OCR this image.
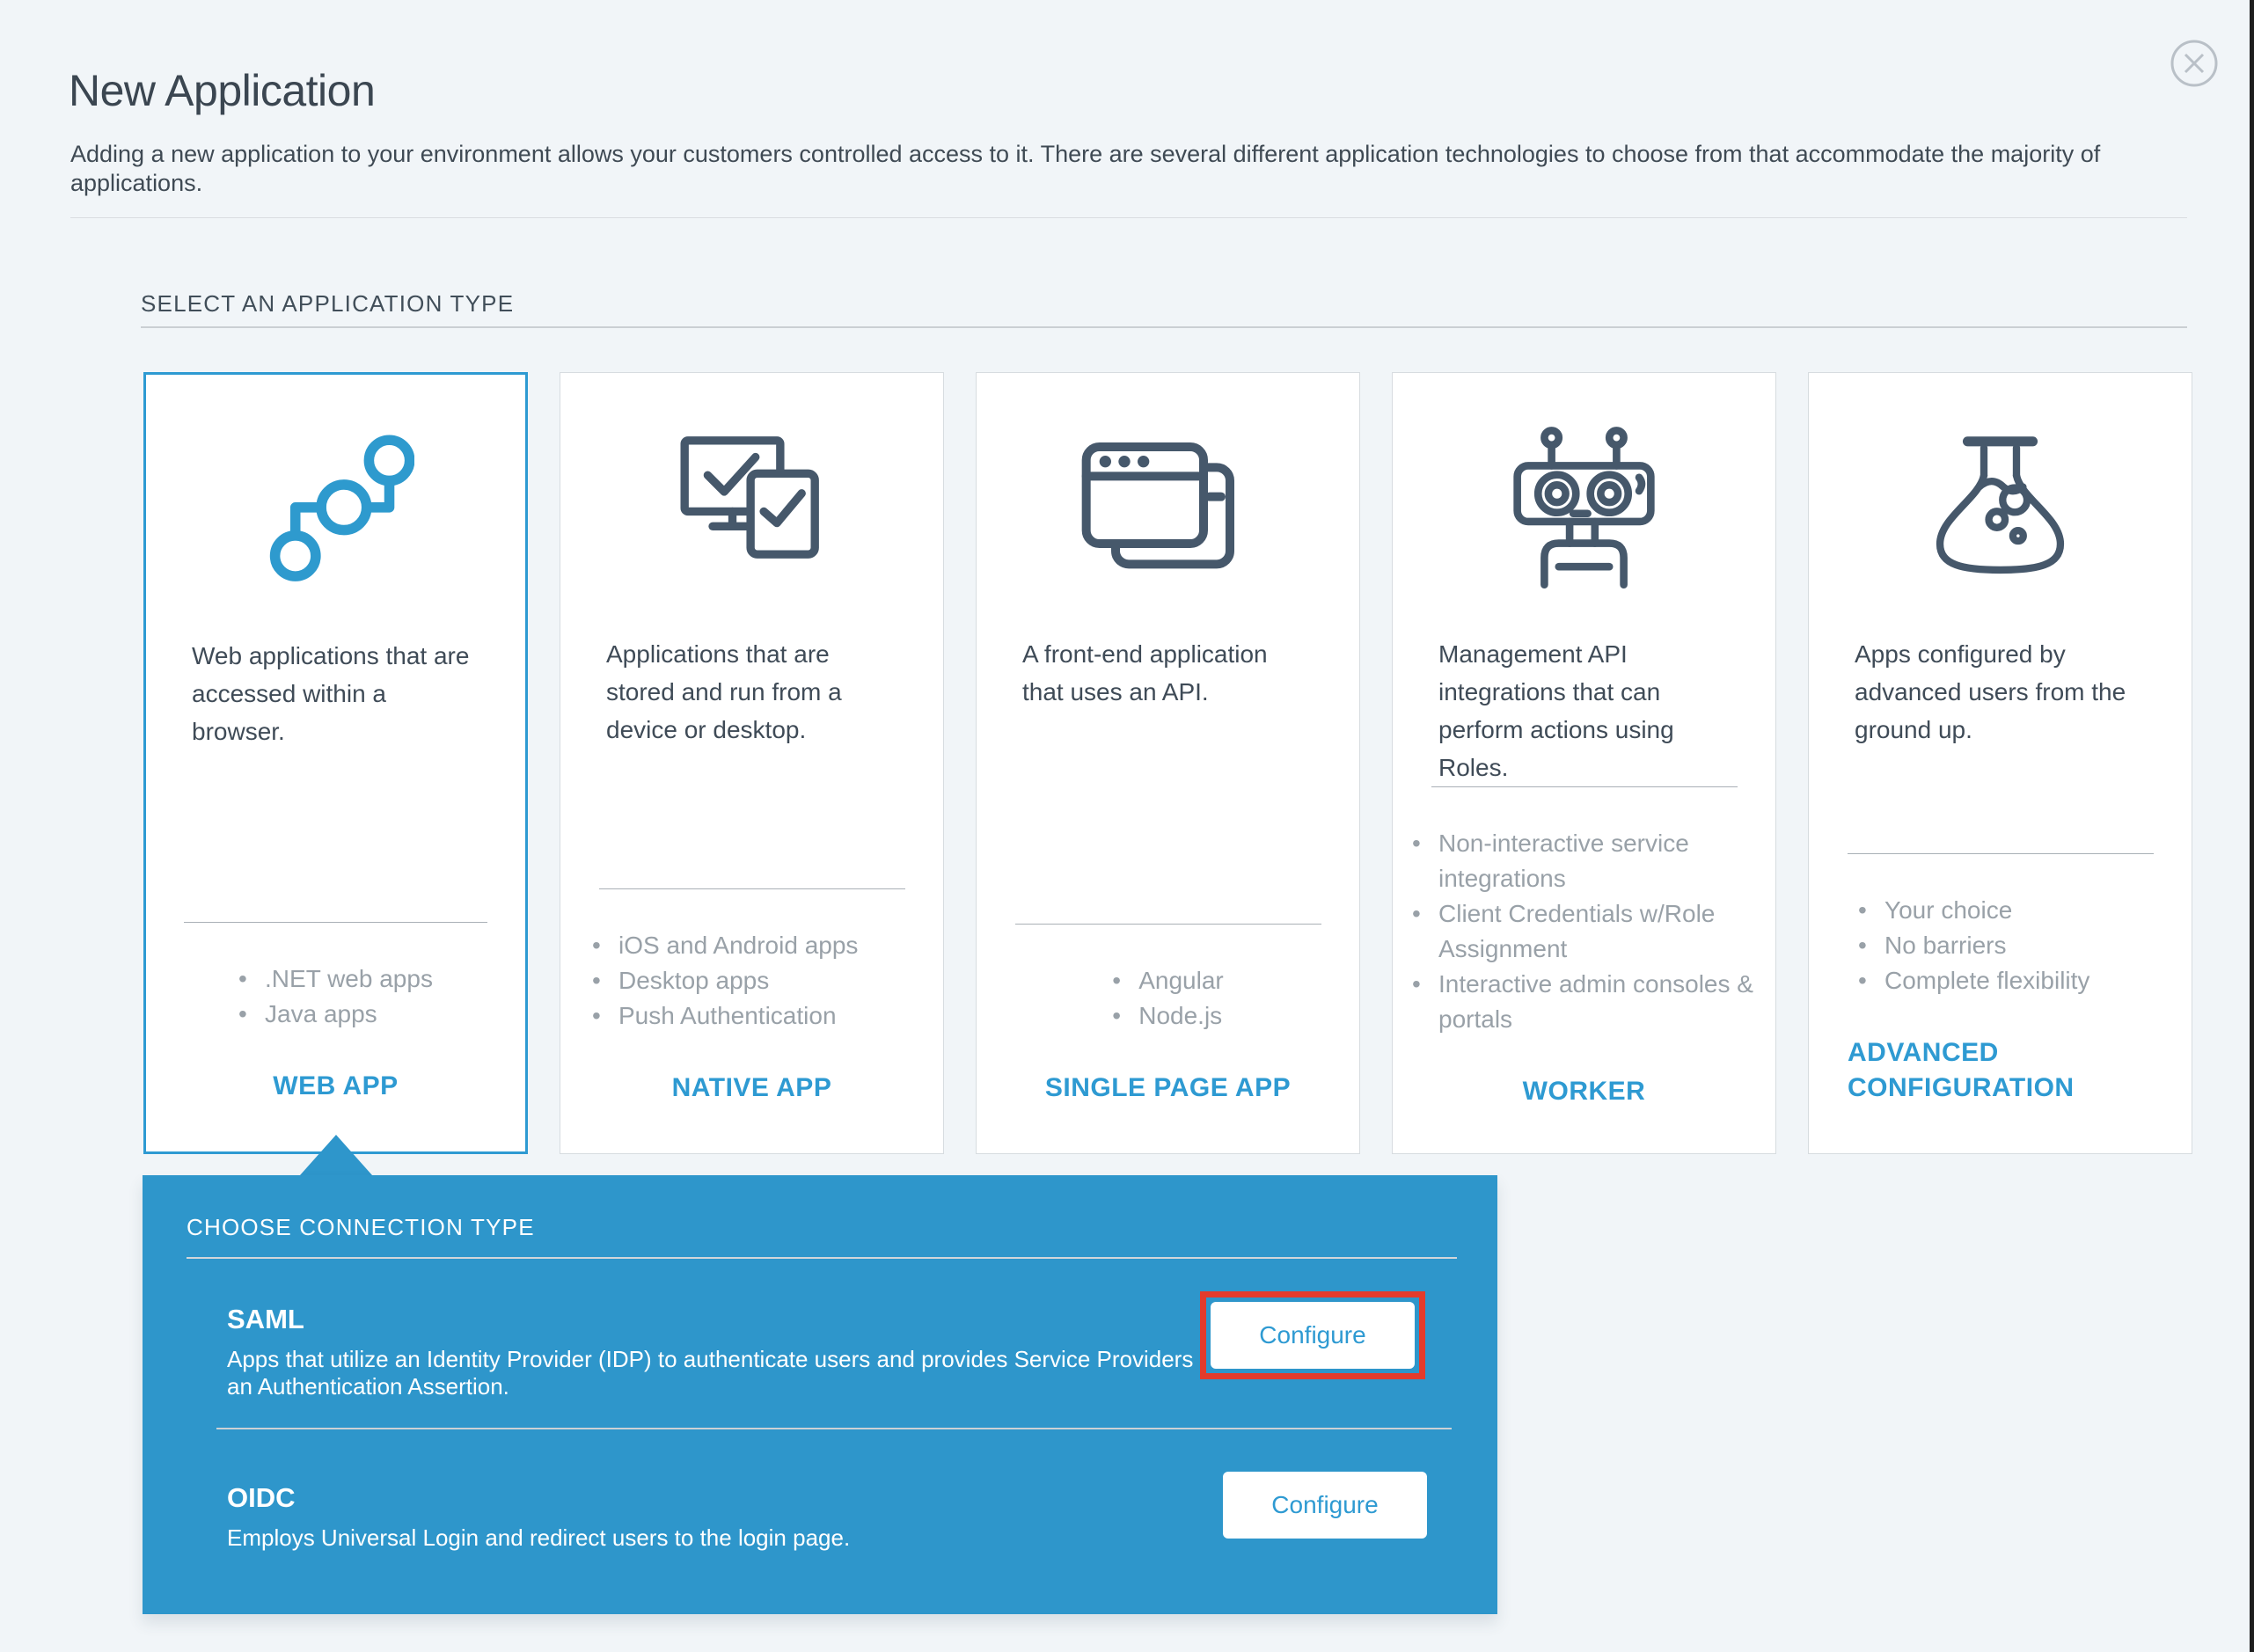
New Application

Adding a new application to your environment allows your customers controlled access to it. There are several different application technologies to choose from that accommodate the majority of applications.

SELECT AN APPLICATION TYPE
Web applications that are accessed within a browser.
• .NET web apps
• Java apps
WEB APP
Applications that are stored and run from a device or desktop.
• iOS and Android apps
• Desktop apps
• Push Authentication
NATIVE APP
A front-end application that uses an API.
• Angular
• Node.js
SINGLE PAGE APP
Management API integrations that can perform actions using Roles.
• Non-interactive service integrations
• Client Credentials w/Role Assignment
• Interactive admin consoles & portals
WORKER
Apps configured by advanced users from the ground up.
• Your choice
• No barriers
• Complete flexibility
ADVANCED CONFIGURATION
CHOOSE CONNECTION TYPE
SAML
Apps that utilize an Identity Provider (IDP) to authenticate users and provides Service Providers an Authentication Assertion.
Configure
OIDC
Employs Universal Login and redirect users to the login page.
Configure
